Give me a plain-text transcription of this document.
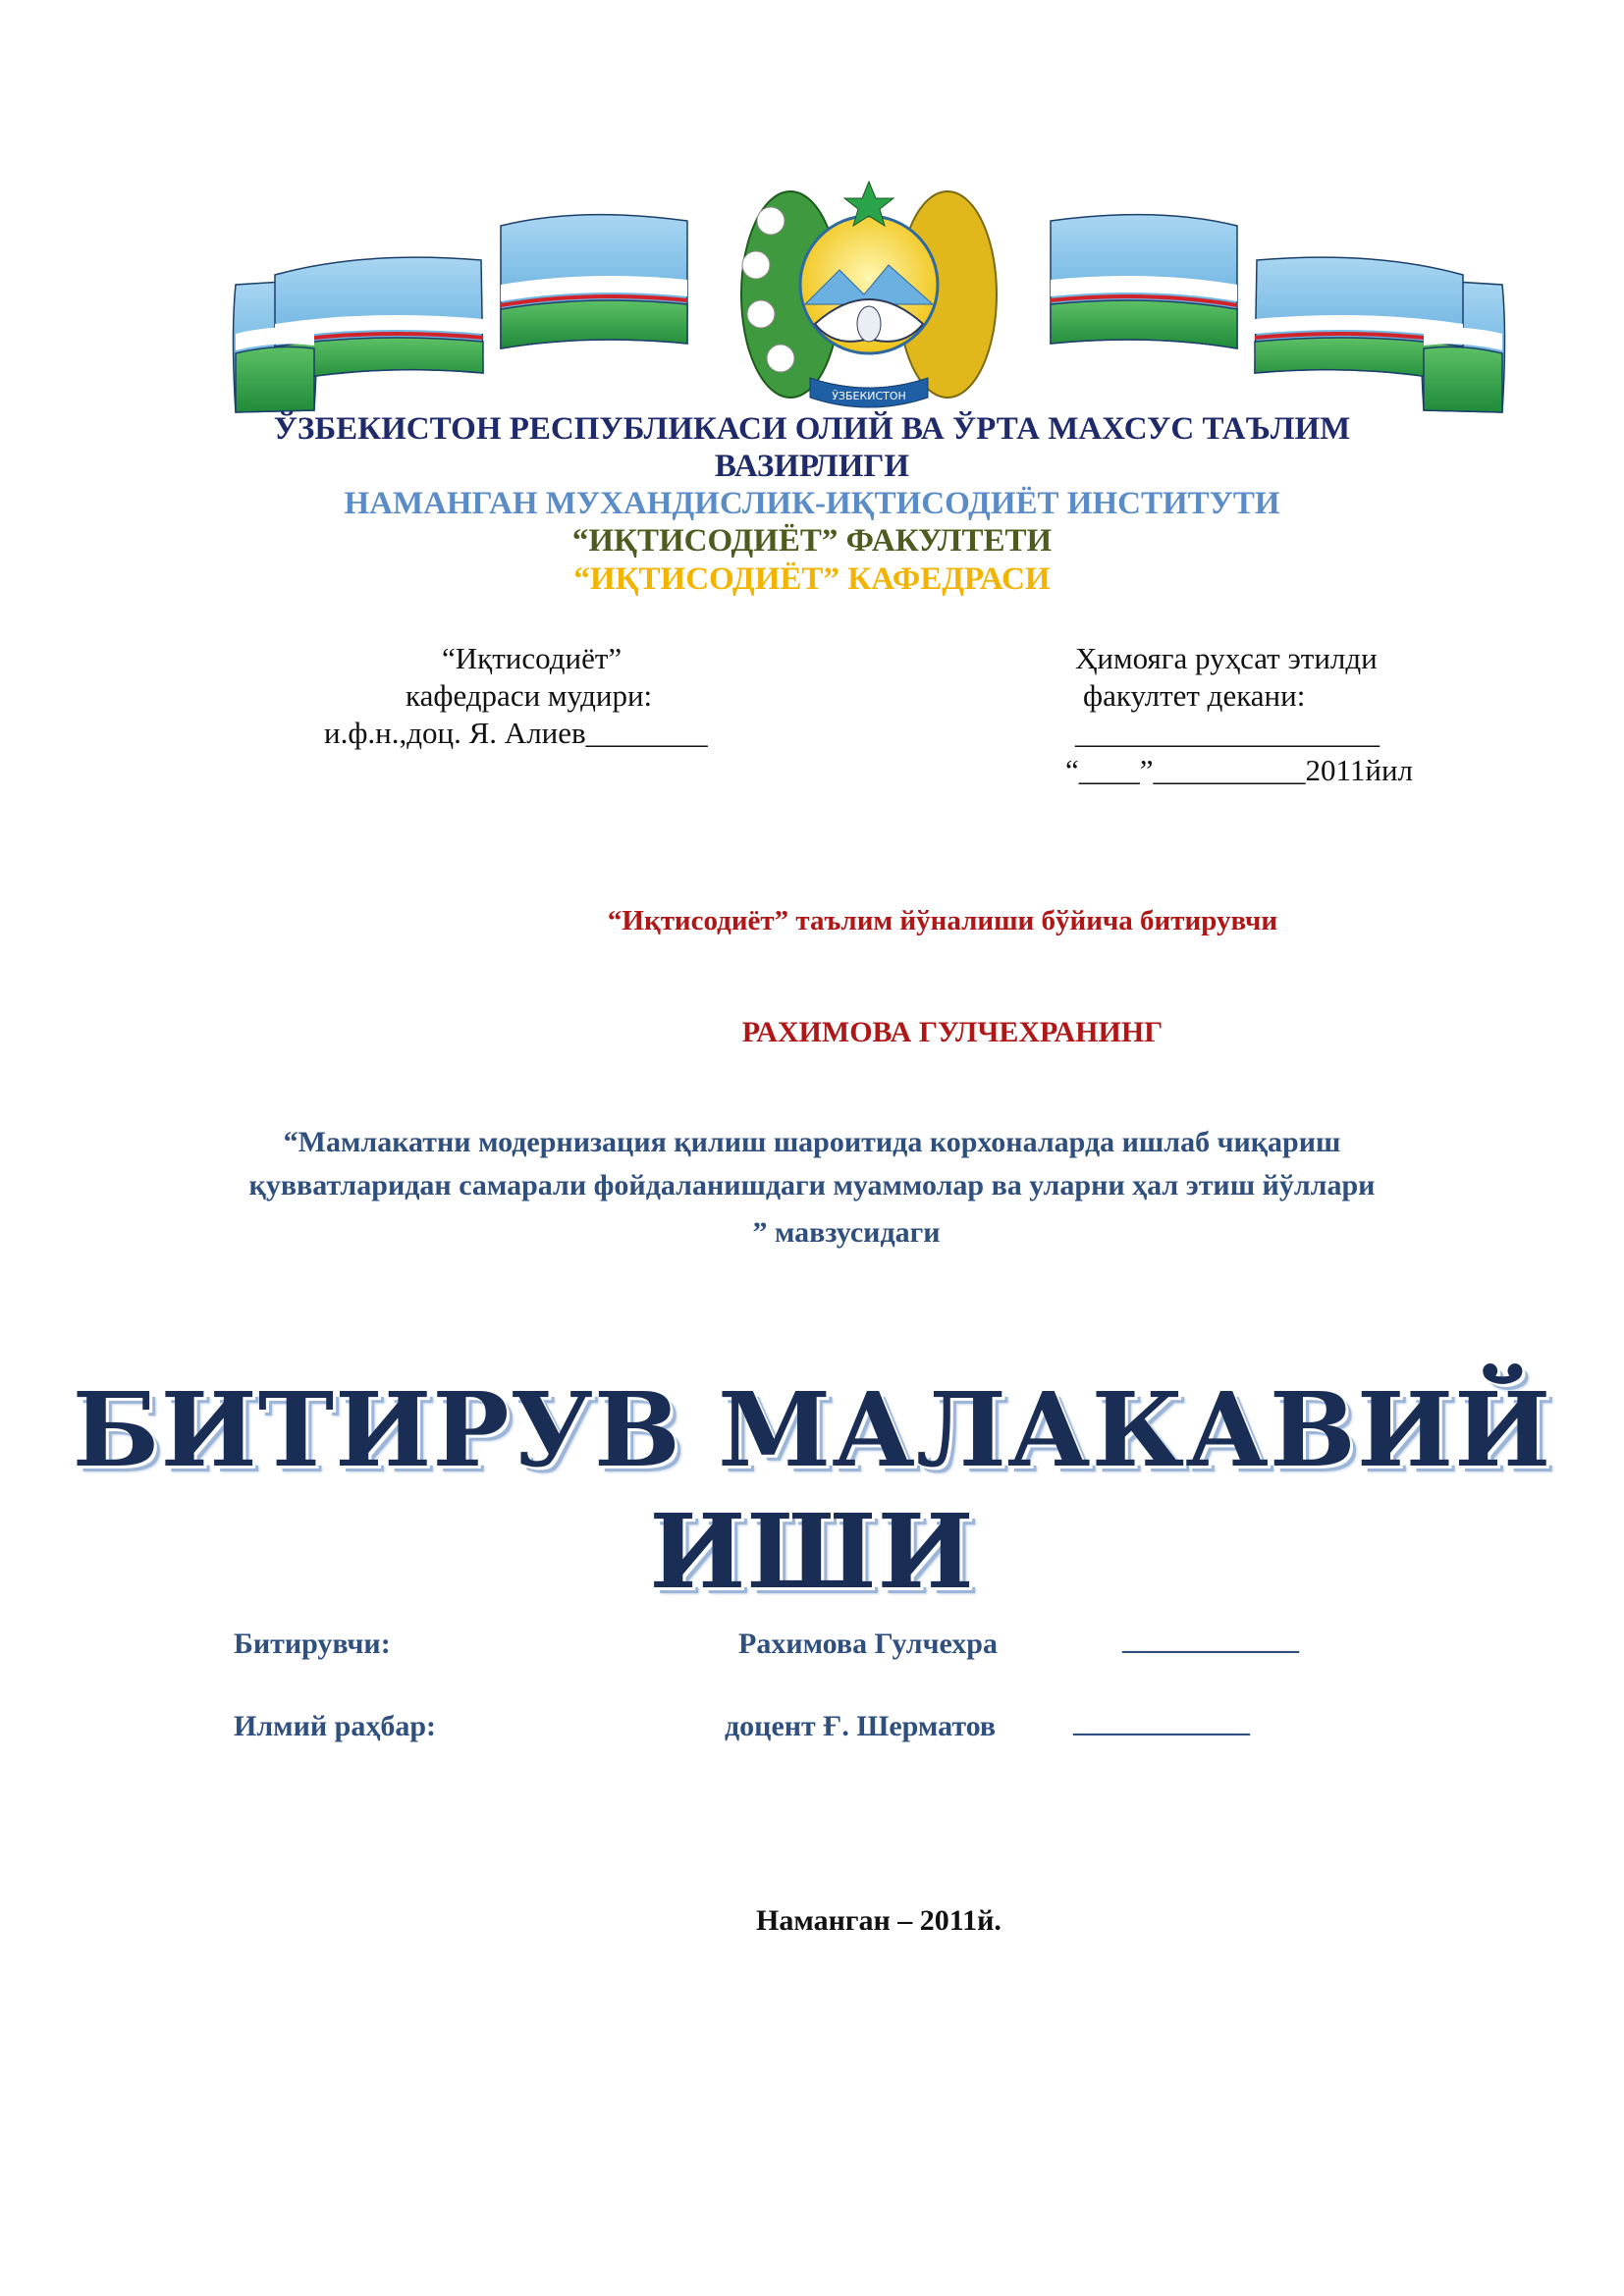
ЎЗБЕКИСТОН
ЎЗБЕКИСТОН РЕСПУБЛИКАСИ ОЛИЙ ВА ЎРТА МАХСУС ТАЪЛИМ
ВАЗИРЛИГИ
НАМАНГАН МУХАНДИСЛИК-ИҚТИСОДИЁТ ИНСТИТУТИ
“ИҚТИСОДИЁТ” ФАКУЛТЕТИ
“ИҚТИСОДИЁТ” КАФЕДРАСИ
“Иқтисодиёт”
кафедраси мудири:
и.ф.н.,доц. Я. Алиев________
Ҳимояга руҳсат этилди
факултет декани:
____________________
“____”__________2011йил
“Иқтисодиёт” таълим йўналиши бўйича битирувчи
РАХИМОВА ГУЛЧЕХРАНИНГ
“Мамлакатни модернизация қилиш шароитида корхоналарда ишлаб чиқариш
қувватларидан самарали фойдаланишдаги муаммолар ва уларни ҳал этиш йўллари
” мавзусидаги
БИТИРУВ МАЛАКАВИЙ
ИШИ
Битирувчи:	Рахимова Гулчехра	____________
Илмий раҳбар:	доцент Ғ. Шерматов	____________
Наманган – 2011й.
